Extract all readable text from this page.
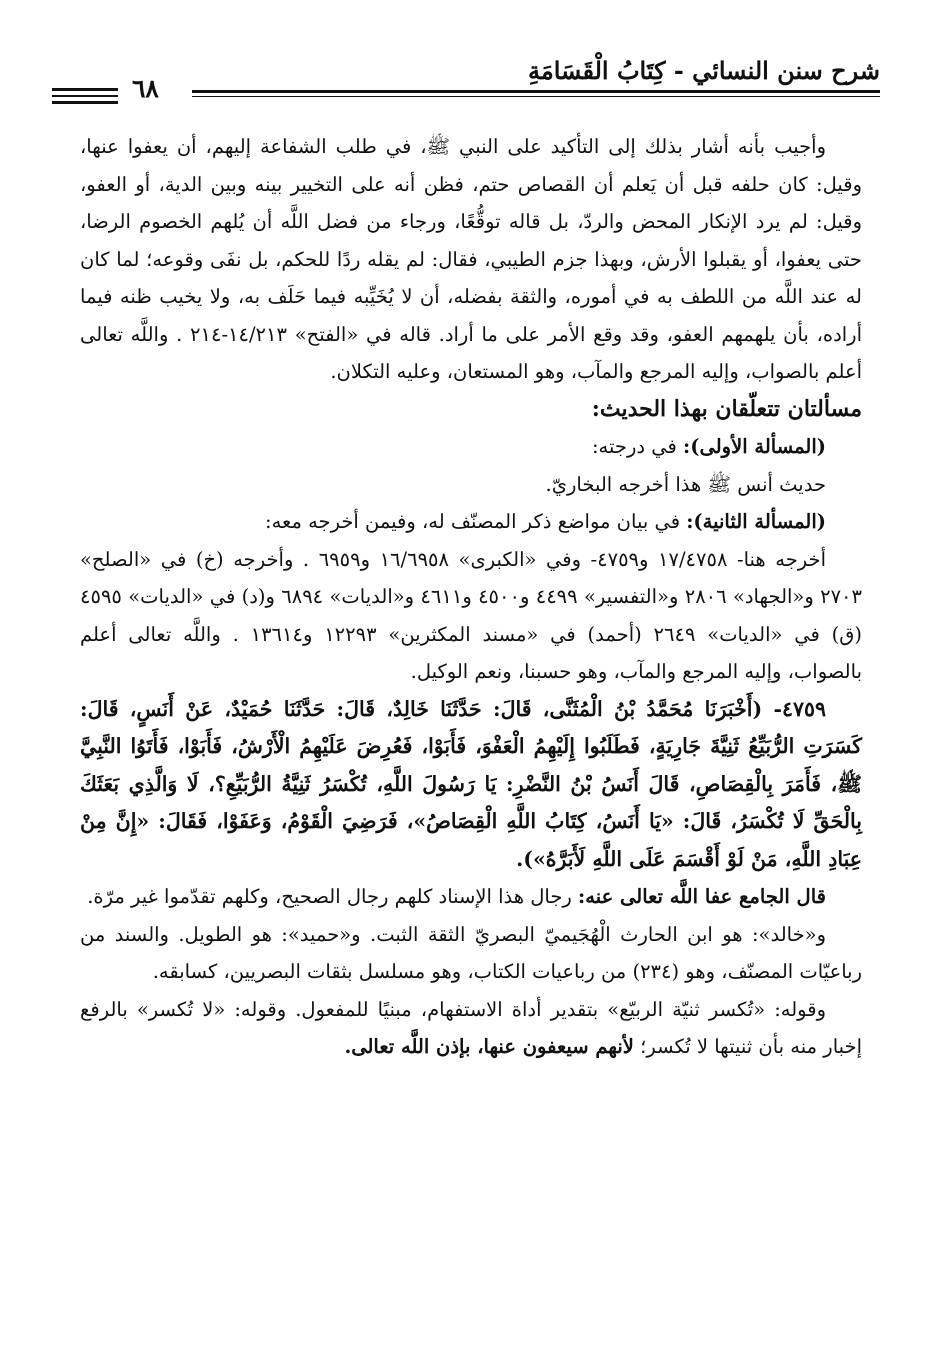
شرح سنن النسائي - كِتَابُ الْقَسَامَةِ
٦٨

وأجيب بأنه أشار بذلك إلى التأكيد على النبي ﷺ، في طلب الشفاعة إليهم، أن يعفوا عنها، وقيل: كان حلفه قبل أن يَعلم أن القصاص حتم، فظن أنه على التخيير بينه وبين الدية، أو العفو، وقيل: لم يرد الإنكار المحض والردّ، بل قاله توقُّعًا، ورجاء من فضل اللَّه أن يُلهم الخصوم الرضا، حتى يعفوا، أو يقبلوا الأرش، وبهذا جزم الطيبي، فقال: لم يقله ردًا للحكم، بل نفَى وقوعه؛ لما كان له عند اللَّه من اللطف به في أموره، والثقة بفضله، أن لا يُخَيِّبه فيما حَلَف به، ولا يخيب ظنه فيما أراده، بأن يلهمهم العفو، وقد وقع الأمر على ما أراد. قاله في «الفتح» ١٤/٢١٣-٢١٤ . واللَّه تعالى أعلم بالصواب، وإليه المرجع والمآب، وهو المستعان، وعليه التكلان.

مسألتان تتعلّقان بهذا الحديث:

(المسألة الأولى): في درجته:

حديث أنس ﷺ هذا أخرجه البخاريّ.

(المسألة الثانية): في بيان مواضع ذكر المصنّف له، وفيمن أخرجه معه:

أخرجه هنا- ١٧/٤٧٥٨ و٤٧٥٩- وفي «الكبرى» ١٦/٦٩٥٨ و٦٩٥٩ . وأخرجه (خ) في «الصلح» ٢٧٠٣ و«الجهاد» ٢٨٠٦ و«التفسير» ٤٤٩٩ و٤٥٠٠ و٤٦١١ و«الديات» ٦٨٩٤ و(د) في «الديات» ٤٥٩٥ (ق) في «الديات» ٢٦٤٩ (أحمد) في «مسند المكثرين» ١٢٢٩٣ و١٣٦١٤ . واللَّه تعالى أعلم بالصواب، وإليه المرجع والمآب، وهو حسبنا، ونعم الوكيل.

٤٧٥٩- (أَخْبَرَنَا مُحَمَّدُ بْنُ الْمُثَنَّى، قَالَ: حَدَّثَنَا خَالِدٌ، قَالَ: حَدَّثَنَا حُمَيْدٌ، عَنْ أَنَسٍ، قَالَ: كَسَرَتِ الرُّبَيِّعُ ثَنِيَّةَ جَارِيَةٍ، فَطَلَبُوا إِلَيْهِمُ الْعَفْوَ، فَأَبَوْا، فَعُرِضَ عَلَيْهِمُ الْأَرْشُ، فَأَبَوْا، فَأَتَوُا النَّبِيَّ ﷺ، فَأَمَرَ بِالْقِصَاصِ، قَالَ أَنَسُ بْنُ النَّضْرِ: يَا رَسُولَ اللَّهِ، تُكْسَرُ ثَنِيَّةُ الرُّبَيِّعِ؟، لَا وَالَّذِي بَعَثَكَ بِالْحَقِّ لَا تُكْسَرُ، قَالَ: «يَا أَنَسُ، كِتَابُ اللَّهِ الْقِصَاصُ»، فَرَضِيَ الْقَوْمُ، وَعَفَوْا، فَقَالَ: «إِنَّ مِنْ عِبَادِ اللَّهِ، مَنْ لَوْ أَقْسَمَ عَلَى اللَّهِ لَأَبَرَّهُ»).

قال الجامع عفا اللَّه تعالى عنه: رجال هذا الإسناد كلهم رجال الصحيح، وكلهم تقدّموا غير مرّة.

و«خالد»: هو ابن الحارث الْهُجَيميّ البصريّ الثقة الثبت. و«حميد»: هو الطويل. والسند من رباعيّات المصنّف، وهو (٢٣٤) من رباعيات الكتاب، وهو مسلسل بثقات البصريين، كسابقه.

وقوله: «تُكسر ثنيّة الربيّع» بتقدير أداة الاستفهام، مبنيًا للمفعول. وقوله: «لا تُكسر» بالرفع إخبار منه بأن ثنيتها لا تُكسر؛ لأنهم سيعفون عنها، بإذن اللَّه تعالى.
